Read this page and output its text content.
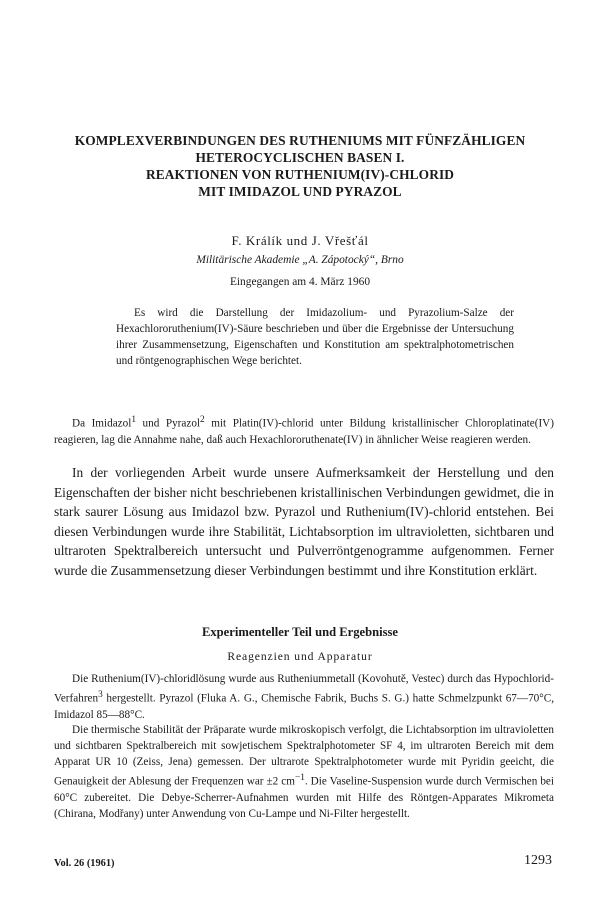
KOMPLEXVERBINDUNGEN DES RUTHENIUMS MIT FÜNFZÄHLIGEN
HETEROCYCLISCHEN BASEN I.
REAKTIONEN VON RUTHENIUM(IV)-CHLORID
MIT IMIDAZOL UND PYRAZOL
F. Králík und J. Vřešťál
Militärische Akademie „A. Zápotocký“, Brno
Eingegangen am 4. März 1960

Es wird die Darstellung der Imidazolium- und Pyrazolium-Salze der Hexachlororuthenium(IV)-Säure beschrieben und über die Ergebnisse der Untersuchung ihrer Zusammensetzung, Eigenschaften und Konstitution am spektralphotometrischen und röntgenographischen Wege berichtet.

Da Imidazol$^1$ und Pyrazol$^2$ mit Platin(IV)-chlorid unter Bildung kristallinischer Chloroplatinate(IV) reagieren, lag die Annahme nahe, daß auch Hexachlororuthenate(IV) in ähnlicher Weise reagieren werden.

In der vorliegenden Arbeit wurde unsere Aufmerksamkeit der Herstellung und den Eigenschaften der bisher nicht beschriebenen kristallinischen Verbindungen gewidmet, die in stark saurer Lösung aus Imidazol bzw. Pyrazol und Ruthenium(IV)-chlorid entstehen. Bei diesen Verbindungen wurde ihre Stabilität, Lichtabsorption im ultravioletten, sichtbaren und ultraroten Spektralbereich untersucht und Pulverröntgenogramme aufgenommen. Ferner wurde die Zusammensetzung dieser Verbindungen bestimmt und ihre Konstitution erklärt.

Experimenteller Teil und Ergebnisse
Reagenzien und Apparatur

Die Ruthenium(IV)-chloridlösung wurde aus Rutheniummetall (Kovohutě, Vestec) durch das Hypochlorid-Verfahren$^3$ hergestellt. Pyrazol (Fluka A. G., Chemische Fabrik, Buchs S. G.) hatte Schmelzpunkt 67—70°C, Imidazol 85—88°C.

Die thermische Stabilität der Präparate wurde mikroskopisch verfolgt, die Lichtabsorption im ultravioletten und sichtbaren Spektralbereich mit sowjetischem Spektralphotometer SF 4, im ultraroten Bereich mit dem Apparat UR 10 (Zeiss, Jena) gemessen. Der ultrarote Spektralphotometer wurde mit Pyridin geeicht, die Genauigkeit der Ablesung der Frequenzen war ±2 $cm^{-1}$. Die Vaseline-Suspension wurde durch Vermischen bei 60°C zubereitet. Die Debye-Scherrer-Aufnahmen wurden mit Hilfe des Röntgen-Apparates Mikrometa (Chirana, Modřany) unter Anwendung von Cu-Lampe und Ni-Filter hergestellt.

Vol. 26 (1961)	1293
